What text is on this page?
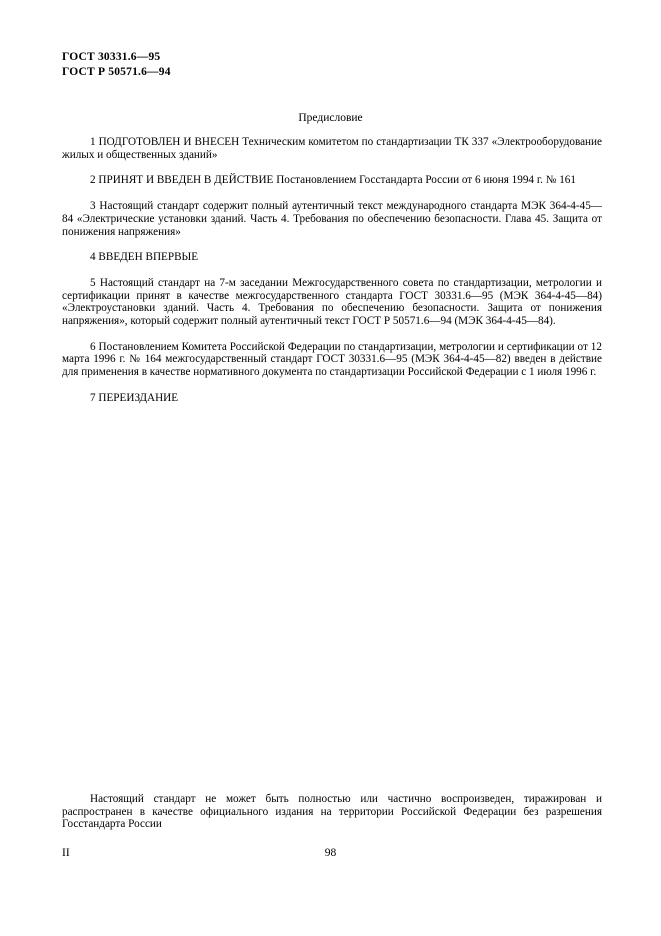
ГОСТ 30331.6—95
ГОСТ Р 50571.6—94
Предисловие

1 ПОДГОТОВЛЕН И ВНЕСЕН Техническим комитетом по стандартизации ТК 337 «Электрооборудование жилых и общественных зданий»

2 ПРИНЯТ И ВВЕДЕН В ДЕЙСТВИЕ Постановлением Госстандарта России от 6 июня 1994 г. № 161

3 Настоящий стандарт содержит полный аутентичный текст международного стандарта МЭК 364-4-45—84 «Электрические установки зданий. Часть 4. Требования по обеспечению безопасности. Глава 45. Защита от понижения напряжения»

4 ВВЕДЕН ВПЕРВЫЕ

5 Настоящий стандарт на 7-м заседании Межгосударственного совета по стандартизации, метрологии и сертификации принят в качестве межгосударственного стандарта ГОСТ 30331.6—95 (МЭК 364-4-45—84) «Электроустановки зданий. Часть 4. Требования по обеспечению безопасности. Защита от понижения напряжения», который содержит полный аутентичный текст ГОСТ Р 50571.6—94 (МЭК 364-4-45—84).

6 Постановлением Комитета Российской Федерации по стандартизации, метрологии и сертификации от 12 марта 1996 г. № 164 межгосударственный стандарт ГОСТ 30331.6—95 (МЭК 364-4-45—82) введен в действие для применения в качестве нормативного документа по стандартизации Российской Федерации с 1 июля 1996 г.

7 ПЕРЕИЗДАНИЕ

Настоящий стандарт не может быть полностью или частично воспроизведен, тиражирован и распространен в качестве официального издания на территории Российской Федерации без разрешения Госстандарта России

II	98
